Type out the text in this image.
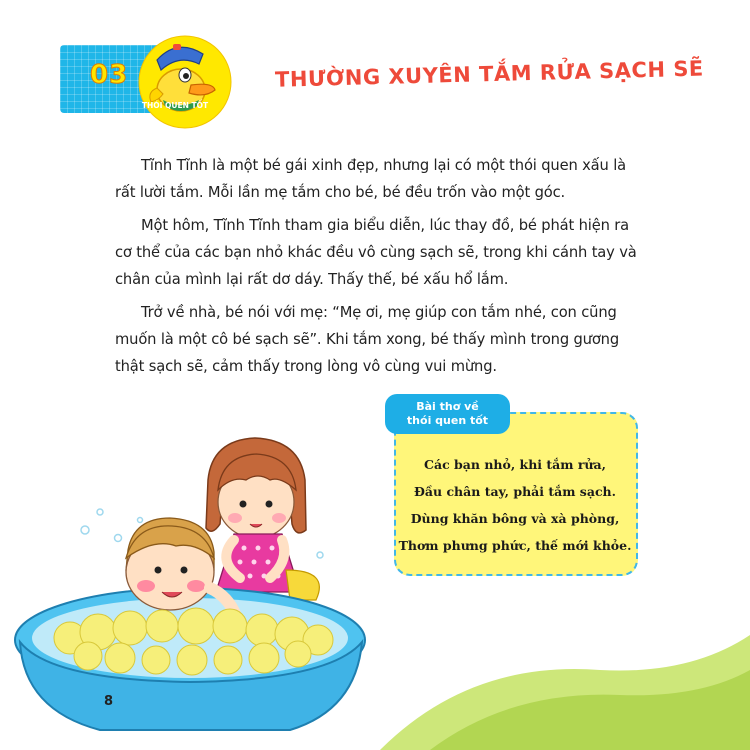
03
THÓI QUEN TỐT
THƯỜNG XUYÊN TẮM RỬA SẠCH SẼ

Tĩnh Tĩnh là một bé gái xinh đẹp, nhưng lại có một thói quen xấu là rất lười tắm. Mỗi lần mẹ tắm cho bé, bé đều trốn vào một góc.

Một hôm, Tĩnh Tĩnh tham gia biểu diễn, lúc thay đồ, bé phát hiện ra cơ thể của các bạn nhỏ khác đều vô cùng sạch sẽ, trong khi cánh tay và chân của mình lại rất dơ dáy. Thấy thế, bé xấu hổ lắm.

Trở về nhà, bé nói với mẹ: “Mẹ ơi, mẹ giúp con tắm nhé, con cũng muốn là một cô bé sạch sẽ”. Khi tắm xong, bé thấy mình trong gương thật sạch sẽ, cảm thấy trong lòng vô cùng vui mừng.

Bài thơ về
thói quen tốt
Các bạn nhỏ, khi tắm rửa,
Đầu chân tay, phải tắm sạch.
Dùng khăn bông và xà phòng,
Thơm phưng phức, thế mới khỏe.
8
